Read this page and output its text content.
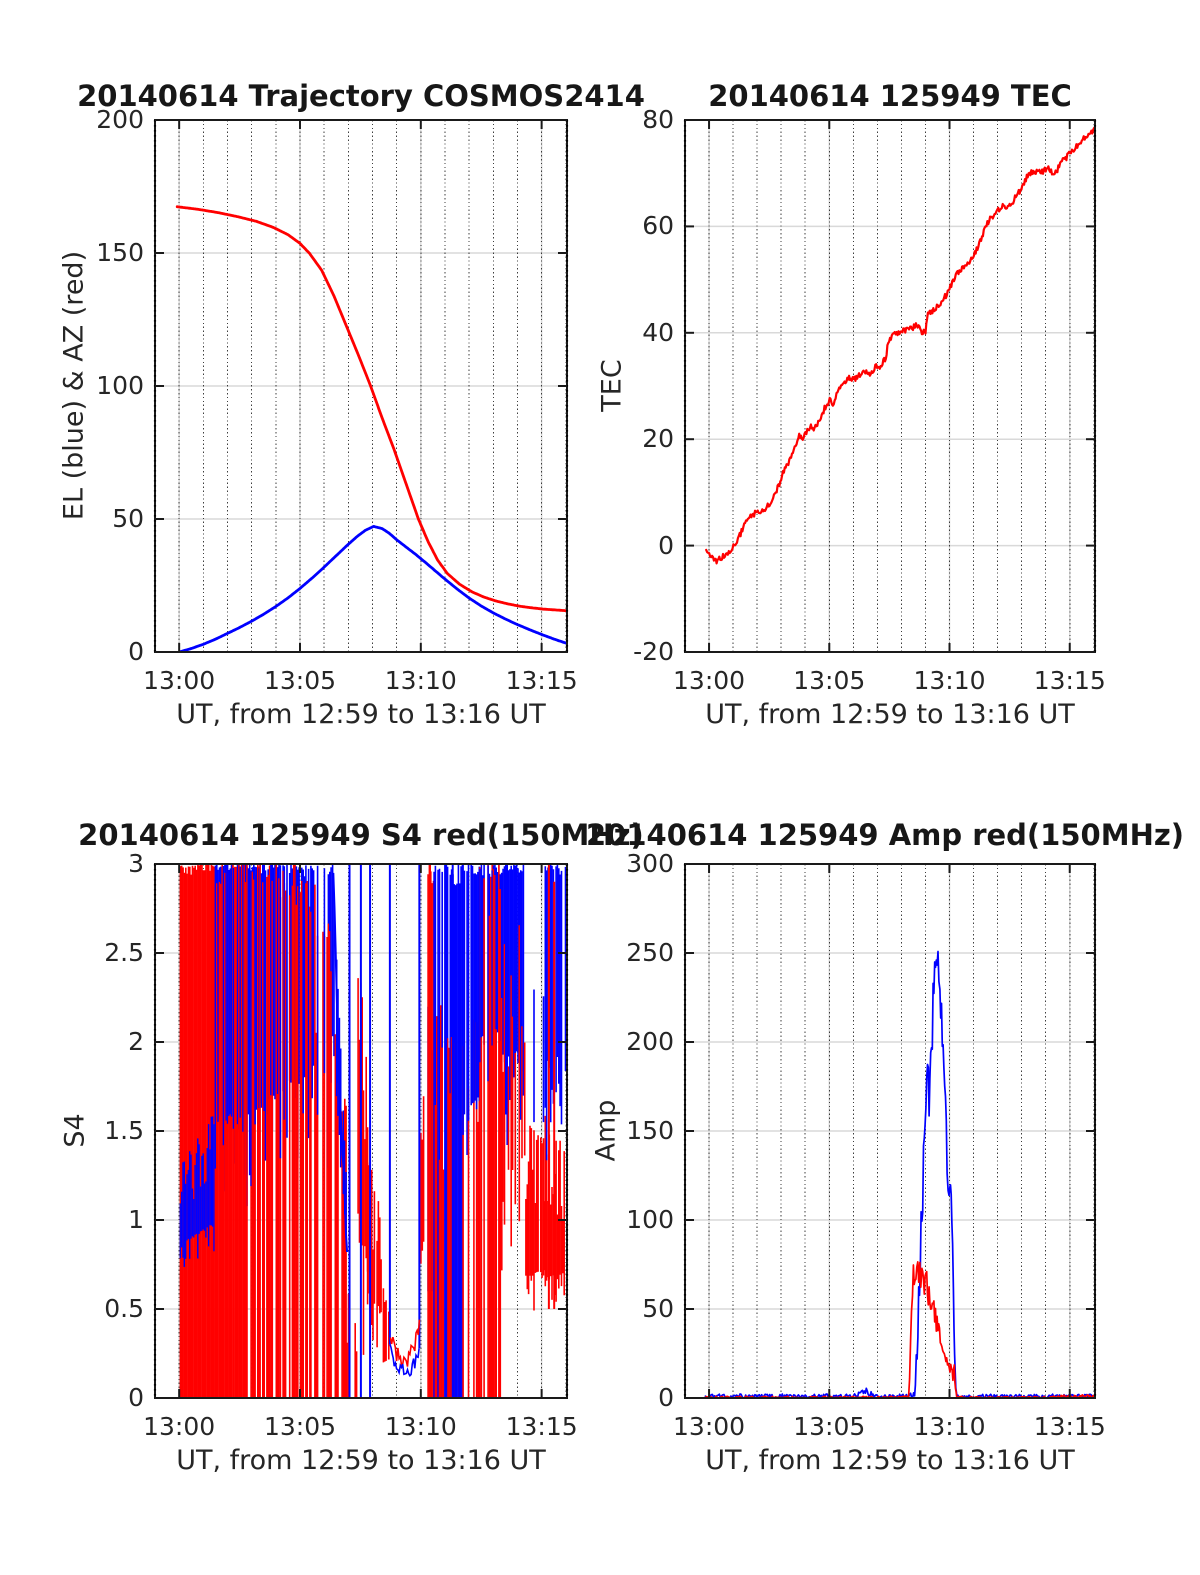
20140614 Trajectory COSMOS2414	20140614 125949 TEC
20140614 125949 S4 red(150MHz)
20140614 125949 Amp red(150MHz)
EL (blue) & AZ (red)	TEC
S4	Amp
UT, from 12:59 to 13:16 UT	UT, from 12:59 to 13:16 UT
UT, from 12:59 to 13:16 UT	UT, from 12:59 to 13:16 UT
13:00	13:05	13:10	13:15
0
50
100
150
200
13:00	13:05	13:10	13:15
-20
0
20
40
60
80
13:00	13:05	13:10	13:15
0
0.5
1
1.5
2
2.5
3
13:00	13:05	13:10	13:15
0
50
100
150
200
250
300
